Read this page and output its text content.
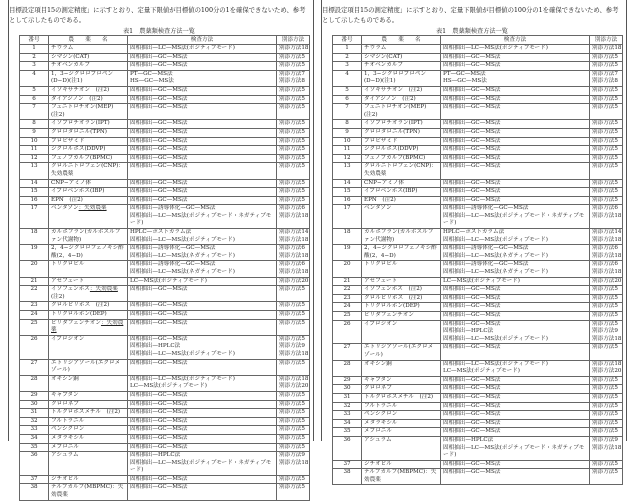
目標設定項目15の測定精度」に示すとおり、定量下限値が目標値の100分の1を確保できないため、参考として示したものである。
表1　農薬類検査方法一覧
番号	農　　薬　　名	検査方法	別添方法
1	チウラム	固相抽出—LC—MS法(ポジティブモード)	別添方法18

2	シマジン(CAT)	固相抽出—GC—MS法	別添方法5

3	チオベンカルブ	固相抽出—GC—MS法	別添方法5

4	1，3−ジクロロプロペン(D−D)(注1)	PT—GC—MS法
HS—GC—MS法	別添方法7
別添方法8

5	イソキサチオン　(注2)	固相抽出—GC—MS法	別添方法5

6	ダイアジノン　(注2)	固相抽出—GC—MS法	別添方法5

7	フェニトロチオン(MEP)　(注2)	固相抽出—GC—MS法	別添方法5

8	イソプロチオラン(IPT)	固相抽出—GC—MS法	別添方法5

9	クロロタロニル(TPN)	固相抽出—GC—MS法	別添方法5

10	プロピザミド	固相抽出—GC—MS法	別添方法5

11	ジクロルボス(DDVP)	固相抽出—GC—MS法	別添方法5

12	フェノブカルブ(BPMC)	固相抽出—GC—MS法	別添方法5

13	クロルニトロフェン(CNP)：失効農薬	固相抽出—GC—MS法	別添方法5

14	CNP−アミノ体	固相抽出—GC—MS法	別添方法5

15	イプロベンホス(IBP)	固相抽出—GC—MS法	別添方法5

16	EPN　(注2)	固相抽出—GC—MS法	別添方法5

17	ベンタゾン：失効農薬	固相抽出—誘導体化—GC—MS法
固相抽出—LC—MS法(ポジティブモード・ネガティブモード)	別添方法6
別添方法18

18	カルボフラン(カルボスルファン代謝物)	HPLC—ポストカラム法
固相抽出—LC—MS法(ポジティブモード)	別添方法14
別添方法18

19	2，4−ジクロロフェノキシ酢酸(2，4−D)	固相抽出—誘導体化—GC—MS法
固相抽出—LC—MS法(ネガティブモード)	別添方法6
別添方法18

20	トリクロピル	固相抽出—誘導体化—GC—MS法
固相抽出—LC—MS法(ネガティブモード)	別添方法6
別添方法18

21	アセフェート	LC—MS法(ポジティブモード)	別添方法20

22	イソフェンホス：失効農薬　(注2)	固相抽出—GC—MS法	別添方法5

23	クロルピリホス　(注2)	固相抽出—GC—MS法	別添方法5

24	トリクロルホン(DEP)	固相抽出—GC—MS法	別添方法5

25	ピリダフェンチオン：失効農薬	固相抽出—GC—MS法	別添方法5

26	イプロジオン	固相抽出—GC—MS法
固相抽出—HPLC法
固相抽出—LC—MS法(ポジティブモード)	別添方法5
別添方法9
別添方法18

27	エトリジアゾール(エクロメゾール)	固相抽出—GC—MS法	別添方法5

28	オキシン銅	固相抽出—LC—MS法(ポジティブモード)
LC—MS法(ポジティブモード)	別添方法18
別添方法20

29	キャプタン	固相抽出—GC—MS法	別添方法5

30	クロロネブ	固相抽出—GC—MS法	別添方法5

31	トルクロホスメチル　(注2)	固相抽出—GC—MS法	別添方法5

32	フルトラニル	固相抽出—GC—MS法	別添方法5

33	ペンシクロン	固相抽出—GC—MS法	別添方法5

34	メタラキシル	固相抽出—GC—MS法	別添方法5

35	メプロニル	固相抽出—GC—MS法	別添方法5

36	アシュラム	固相抽出—HPLC法
固相抽出—LC—MS法(ポジティブモード・ネガティブモード)	別添方法9
別添方法18

37	ジチオピル	固相抽出—GC—MS法	別添方法5

38	テルブカルブ(MBPMC)：失効農薬	固相抽出—GC—MS法	別添方法5
目標設定項目15の測定精度」に示すとおり、定量下限値が目標値の100分の1を確保できないため、参考として示したものである。
表1　農薬類検査方法一覧
番号	農　　薬　　名	検査方法	別添方法
1	チウラム	固相抽出—LC—MS法(ポジティブモード)	別添方法18

2	シマジン(CAT)	固相抽出—GC—MS法	別添方法5

3	チオベンカルブ	固相抽出—GC—MS法	別添方法5

4	1，3−ジクロロプロペン(D−D)(注1)	PT—GC—MS法
HS—GC—MS法	別添方法7
別添方法8

5	イソキサチオン　(注2)	固相抽出—GC—MS法	別添方法5

6	ダイアジノン　(注2)	固相抽出—GC—MS法	別添方法5

7	フェニトロチオン(MEP)　(注2)	固相抽出—GC—MS法	別添方法5

8	イソプロチオラン(IPT)	固相抽出—GC—MS法	別添方法5

9	クロロタロニル(TPN)	固相抽出—GC—MS法	別添方法5

10	プロピザミド	固相抽出—GC—MS法	別添方法5

11	ジクロルボス(DDVP)	固相抽出—GC—MS法	別添方法5

12	フェノブカルブ(BPMC)	固相抽出—GC—MS法	別添方法5

13	クロルニトロフェン(CNP)：失効農薬	固相抽出—GC—MS法	別添方法5

14	CNP−アミノ体	固相抽出—GC—MS法	別添方法5

15	イプロベンホス(IBP)	固相抽出—GC—MS法	別添方法5

16	EPN　(注2)	固相抽出—GC—MS法	別添方法5

17	ベンタゾン	固相抽出—誘導体化—GC—MS法
固相抽出—LC—MS法(ポジティブモード・ネガティブモード)	別添方法6
別添方法18

18	カルボフラン(カルボスルファン代謝物)	HPLC—ポストカラム法
固相抽出—LC—MS法(ポジティブモード)	別添方法14
別添方法18

19	2，4−ジクロロフェノキシ酢酸(2，4−D)	固相抽出—誘導体化—GC—MS法
固相抽出—LC—MS法(ネガティブモード)	別添方法6
別添方法18

20	トリクロピル	固相抽出—誘導体化—GC—MS法
固相抽出—LC—MS法(ネガティブモード)	別添方法6
別添方法18

21	アセフェート	LC—MS法(ポジティブモード)	別添方法20

22	イソフェンホス　(注2)	固相抽出—GC—MS法	別添方法5

23	クロルピリホス　(注2)	固相抽出—GC—MS法	別添方法5

24	トリクロルホン(DEP)	固相抽出—GC—MS法	別添方法5

25	ピリダフェンチオン	固相抽出—GC—MS法	別添方法5

26	イプロジオン	固相抽出—GC—MS法
固相抽出—HPLC法
固相抽出—LC—MS法(ポジティブモード)	別添方法5
別添方法9
別添方法18

27	エトリジアゾール(エクロメゾール)	固相抽出—GC—MS法	別添方法5

28	オキシン銅	固相抽出—LC—MS法(ポジティブモード)
LC—MS法(ポジティブモード)	別添方法18
別添方法20

29	キャプタン	固相抽出—GC—MS法	別添方法5

30	クロロネブ	固相抽出—GC—MS法	別添方法5

31	トルクロホスメチル　(注2)	固相抽出—GC—MS法	別添方法5

32	フルトラニル	固相抽出—GC—MS法	別添方法5

33	ペンシクロン	固相抽出—GC—MS法	別添方法5

34	メタラキシル	固相抽出—GC—MS法	別添方法5

35	メプロニル	固相抽出—GC—MS法	別添方法5

36	アシュラム	固相抽出—HPLC法
固相抽出—LC—MS法(ポジティブモード・ネガティブモード)	別添方法9
別添方法18

37	ジチオピル	固相抽出—GC—MS法	別添方法5

38	テルブカルブ(MBPMC)：失効農薬	固相抽出—GC—MS法	別添方法5
